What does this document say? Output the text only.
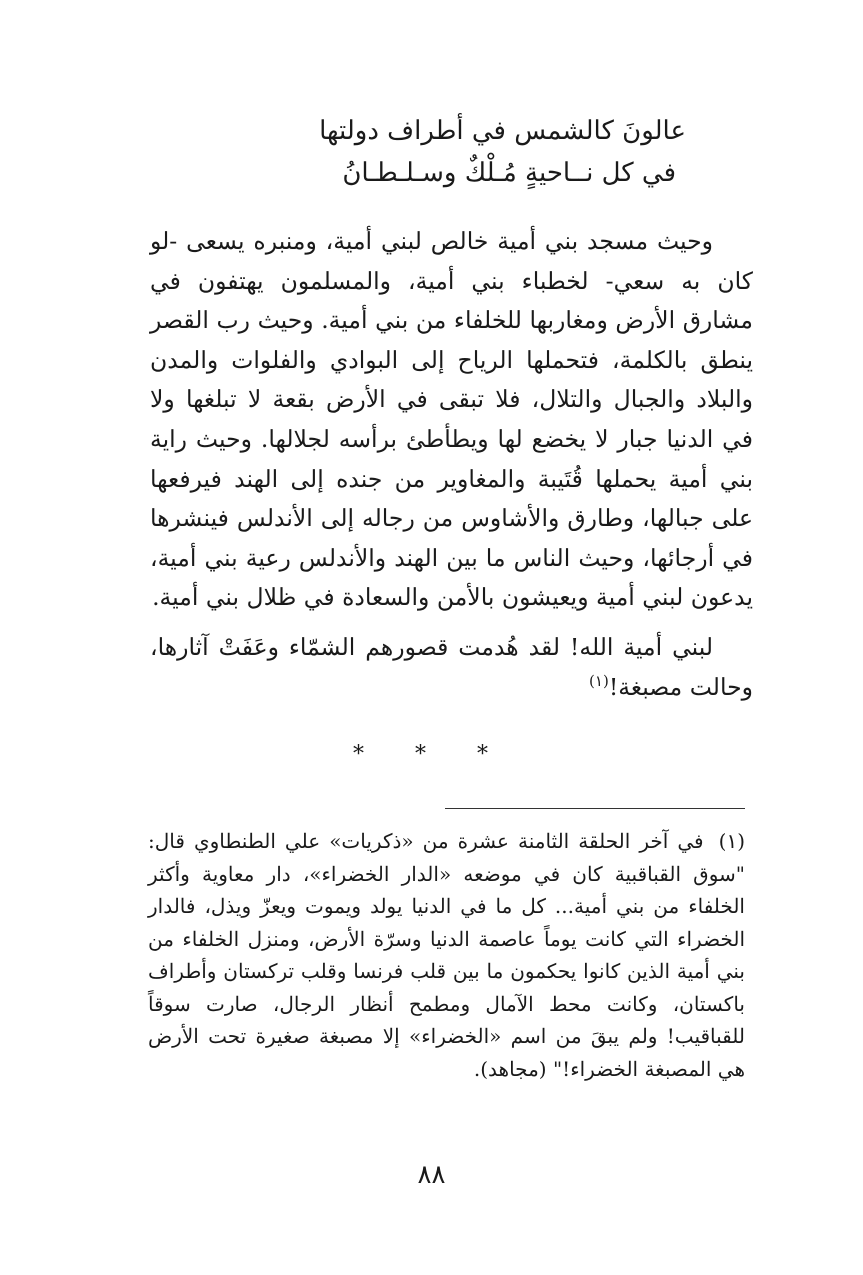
عالونَ كالشمس في أطراف دولتها
في كل نــاحيةٍ مُـلْكٌ وسـلـطـانُ

وحيث مسجد بني أمية خالص لبني أمية، ومنبره يسعى -لو كان به سعي- لخطباء بني أمية، والمسلمون يهتفون في مشارق الأرض ومغاربها للخلفاء من بني أمية. وحيث رب القصر ينطق بالكلمة، فتحملها الرياح إلى البوادي والفلوات والمدن والبلاد والجبال والتلال، فلا تبقى في الأرض بقعة لا تبلغها ولا في الدنيا جبار لا يخضع لها ويطأطئ برأسه لجلالها. وحيث راية بني أمية يحملها قُتَيبة والمغاوير من جنده إلى الهند فيرفعها على جبالها، وطارق والأشاوس من رجاله إلى الأندلس فينشرها في أرجائها، وحيث الناس ما بين الهند والأندلس رعية بني أمية، يدعون لبني أمية ويعيشون بالأمن والسعادة في ظلال بني أمية.

لبني أمية الله! لقد هُدمت قصورهم الشمّاء وعَفَتْ آثارها، وحالت مصبغة!$^{(١)}$

* * *
(١) في آخر الحلقة الثامنة عشرة من «ذكريات» علي الطنطاوي قال: "سوق القباقبية كان في موضعه «الدار الخضراء»، دار معاوية وأكثر الخلفاء من بني أمية... كل ما في الدنيا يولد ويموت ويعزّ ويذل، فالدار الخضراء التي كانت يوماً عاصمة الدنيا وسرّة الأرض، ومنزل الخلفاء من بني أمية الذين كانوا يحكمون ما بين قلب فرنسا وقلب تركستان وأطراف باكستان، وكانت محط الآمال ومطمح أنظار الرجال، صارت سوقاً للقباقيب! ولم يبقَ من اسم «الخضراء» إلا مصبغة صغيرة تحت الأرض هي المصبغة الخضراء!" (مجاهد).
٨٨
